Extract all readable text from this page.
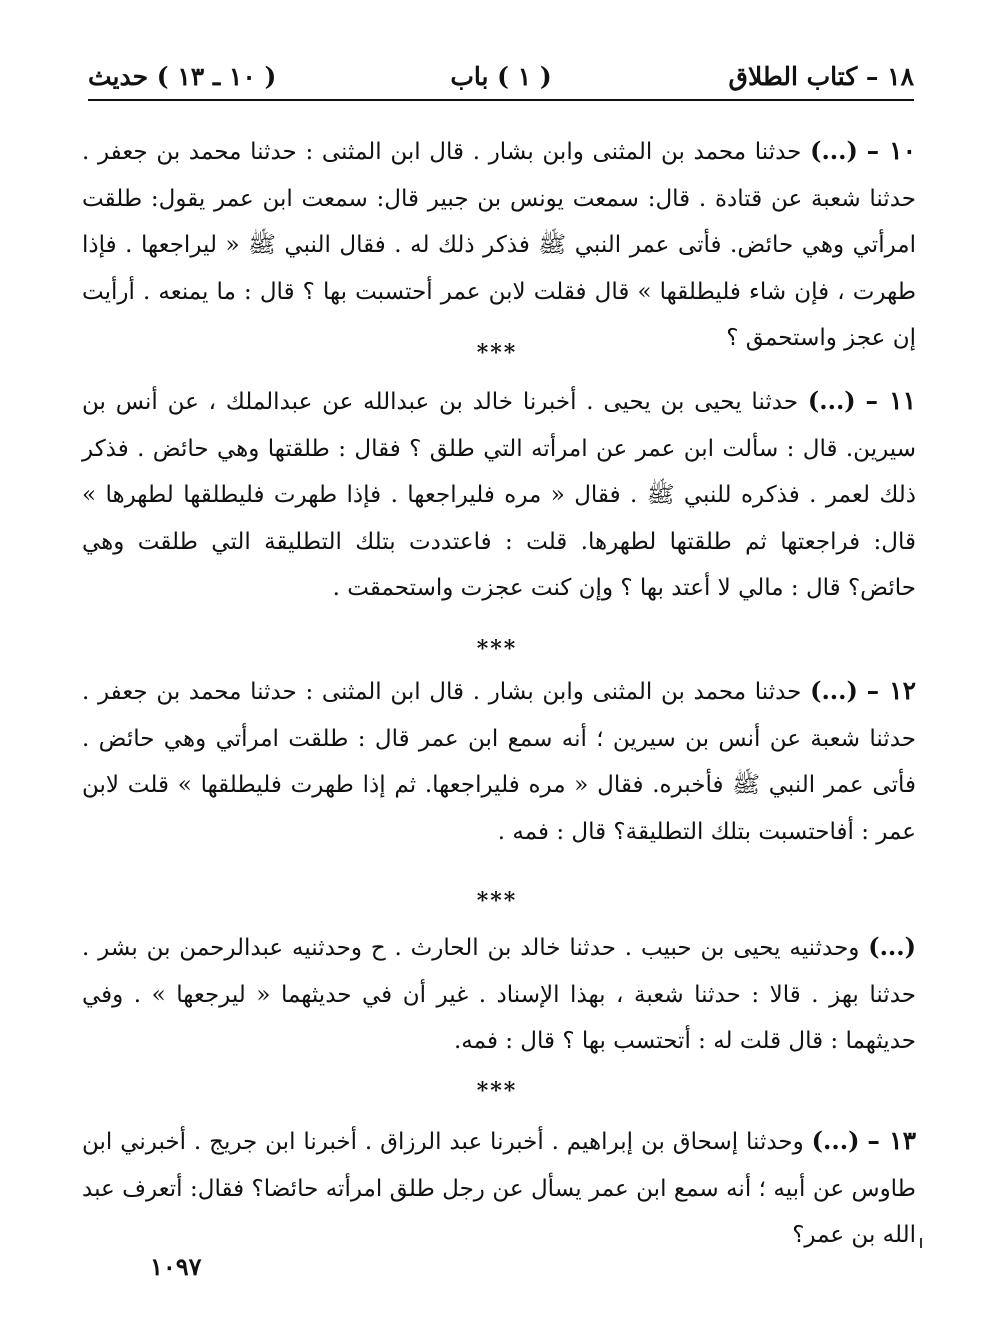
١٨ – كتاب الطلاق
( ١ ) باب
( ١٠ ـ ١٣ ) حديث
١٠ – (...) حدثنا محمد بن المثنى وابن بشار . قال ابن المثنى : حدثنا محمد بن جعفر . حدثنا شعبة عن قتادة . قال: سمعت يونس بن جبير قال: سمعت ابن عمر يقول: طلقت امرأتي وهي حائض. فأتى عمر النبي ﷺ فذكر ذلك له . فقال النبي ﷺ « ليراجعها . فإذا طهرت ، فإن شاء فليطلقها » قال فقلت لابن عمر أحتسبت بها ؟ قال : ما يمنعه . أرأيت إن عجز واستحمق ؟
***
١١ – (...) حدثنا يحيى بن يحيى . أخبرنا خالد بن عبدالله عن عبدالملك ، عن أنس بن سيرين. قال : سألت ابن عمر عن امرأته التي طلق ؟ فقال : طلقتها وهي حائض . فذكر ذلك لعمر . فذكره للنبي ﷺ . فقال « مره فليراجعها . فإذا طهرت فليطلقها لطهرها » قال: فراجعتها ثم طلقتها لطهرها. قلت : فاعتددت بتلك التطليقة التي طلقت وهي حائض؟ قال : مالي لا أعتد بها ؟ وإن كنت عجزت واستحمقت .
***
١٢ – (...) حدثنا محمد بن المثنى وابن بشار . قال ابن المثنى : حدثنا محمد بن جعفر . حدثنا شعبة عن أنس بن سيرين ؛ أنه سمع ابن عمر قال : طلقت امرأتي وهي حائض . فأتى عمر النبي ﷺ فأخبره. فقال « مره فليراجعها. ثم إذا طهرت فليطلقها » قلت لابن عمر : أفاحتسبت بتلك التطليقة؟ قال : فمه .
***
(...) وحدثنيه يحيى بن حبيب . حدثنا خالد بن الحارث . ح وحدثنيه عبدالرحمن بن بشر . حدثنا بهز . قالا : حدثنا شعبة ، بهذا الإسناد . غير أن في حديثهما « ليرجعها » . وفي حديثهما : قال قلت له : أتحتسب بها ؟ قال : فمه.
***
١٣ – (...) وحدثنا إسحاق بن إبراهيم . أخبرنا عبد الرزاق . أخبرنا ابن جريج . أخبرني ابن طاوس عن أبيه ؛ أنه سمع ابن عمر يسأل عن رجل طلق امرأته حائضا؟ فقال: أتعرف عبد الله بن عمر؟
١٠٩٧
